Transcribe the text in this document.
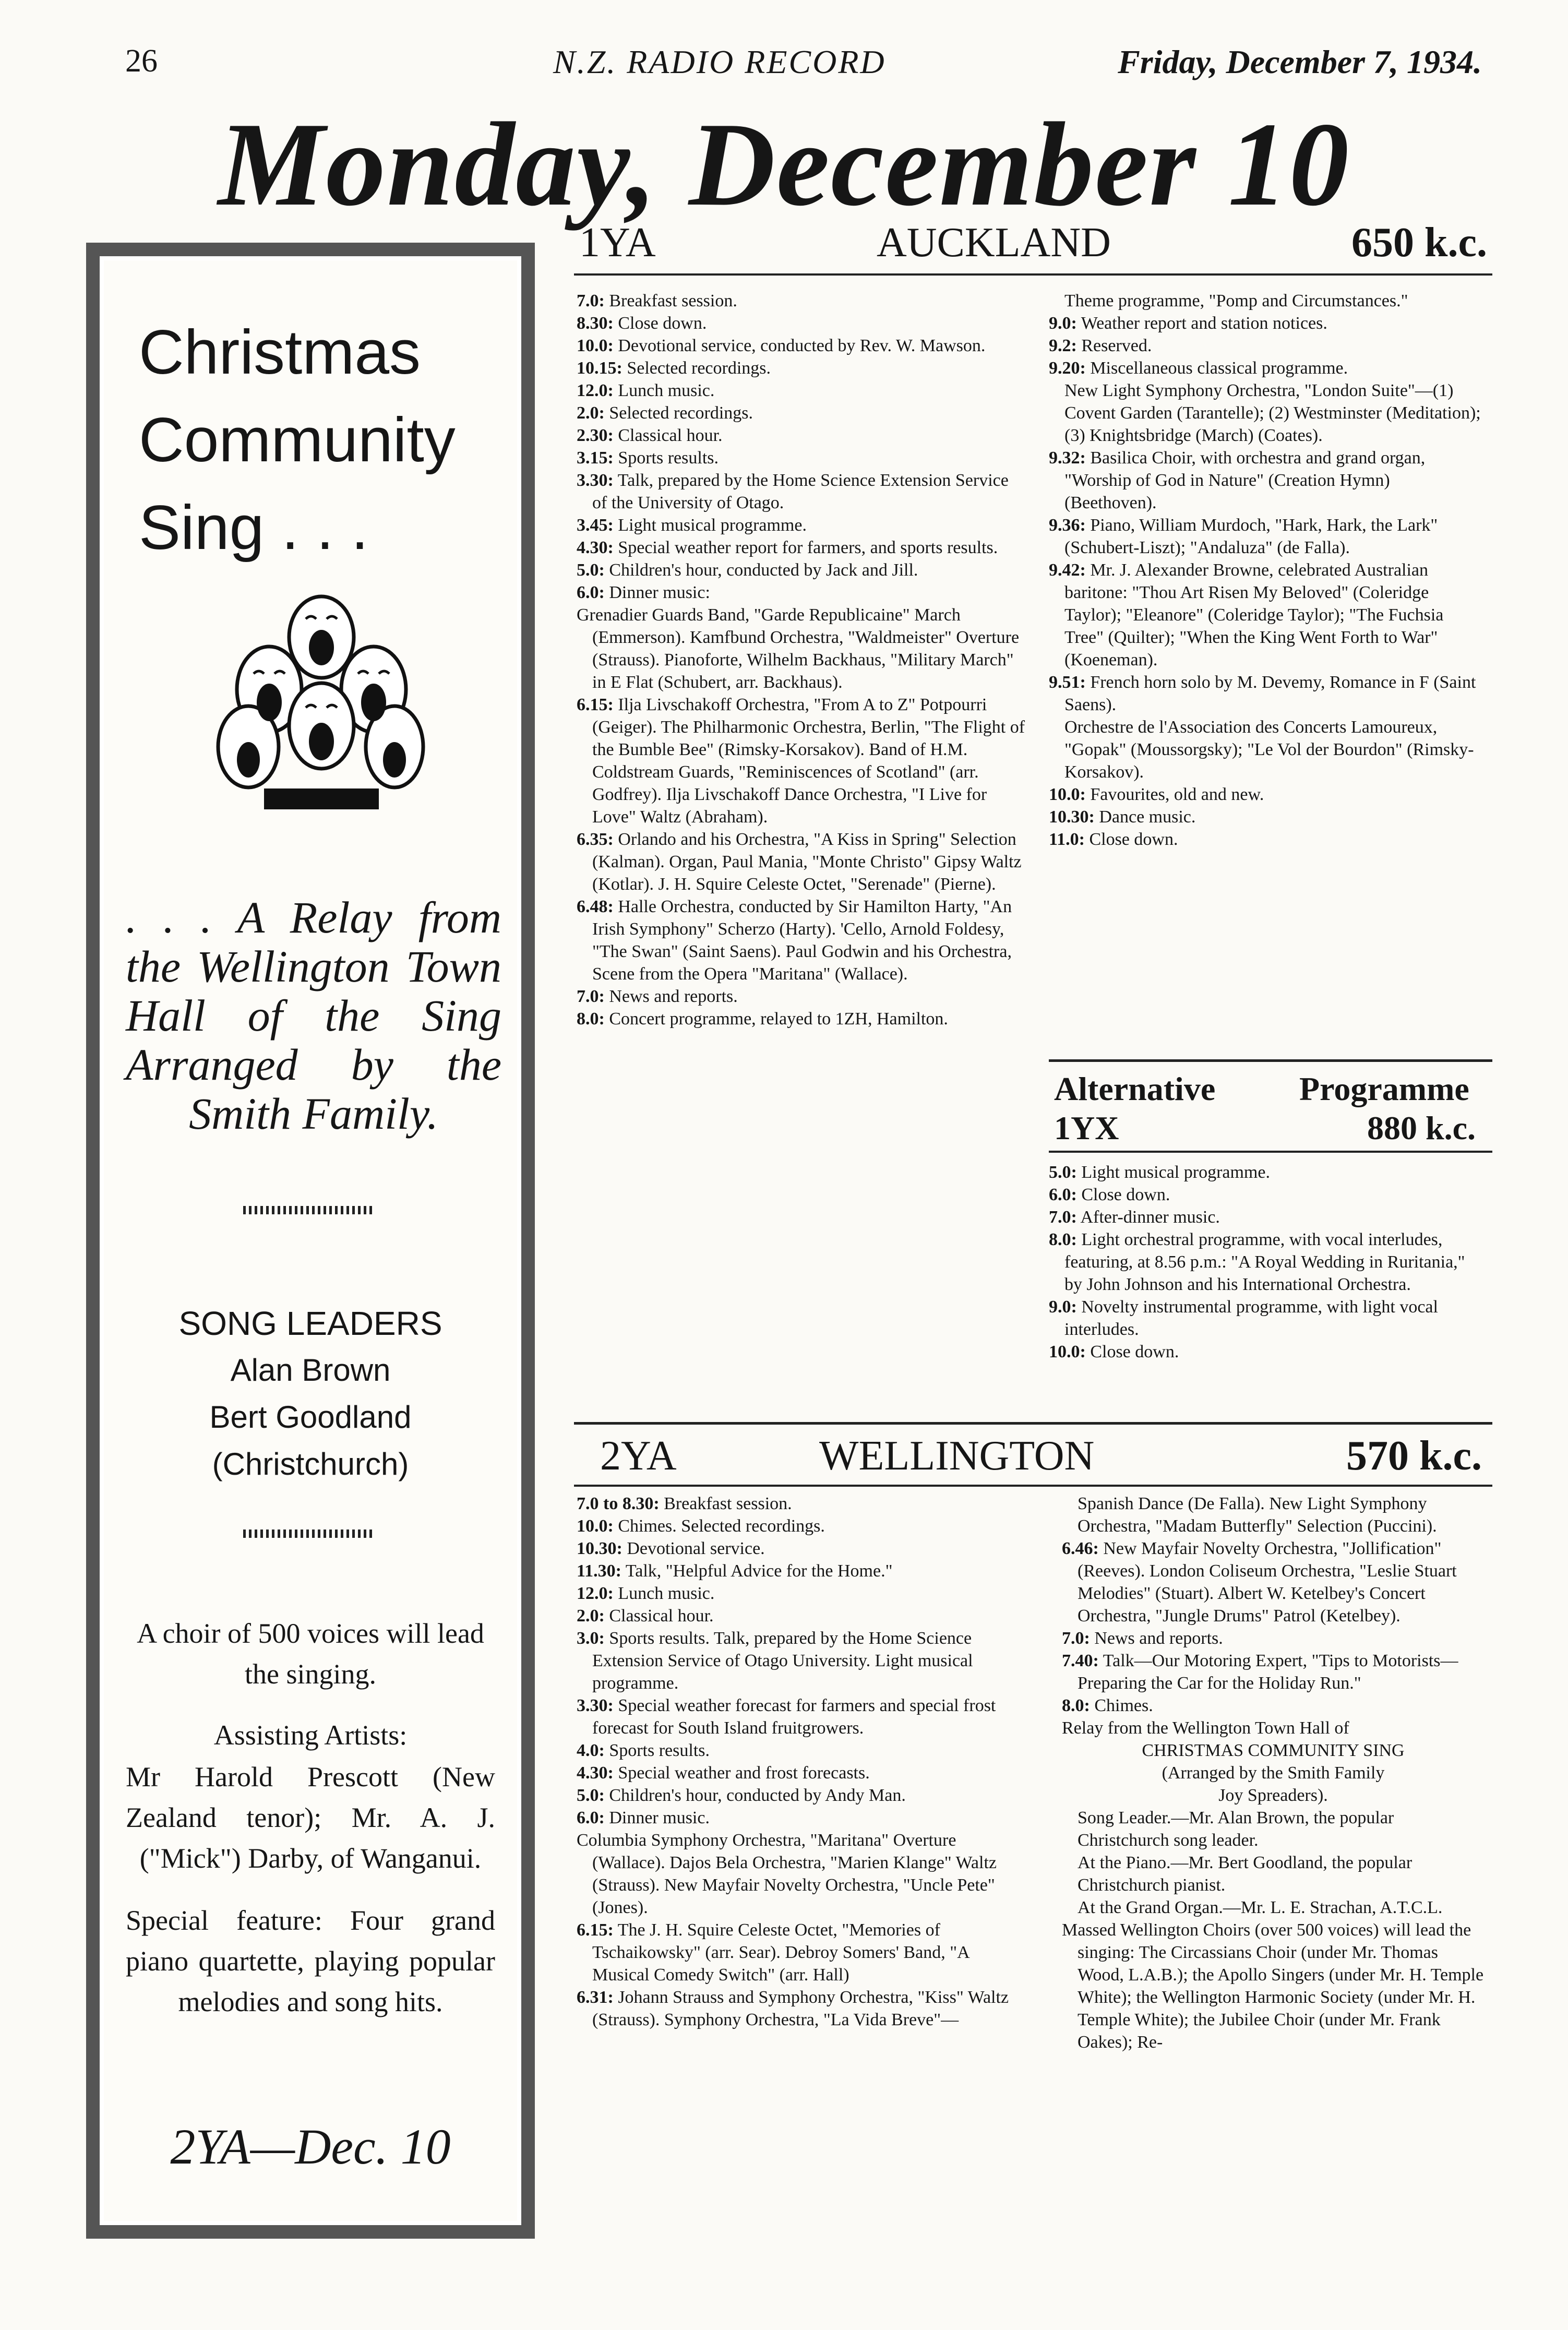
26	N.Z. RADIO RECORD	Friday, December 7, 1934.
Monday, December 10
Christmas
Community
Sing . . .
. . . A Relay from
the Wellington Town
Hall of the Sing
Arranged by the
Smith Family.
SONG LEADERS
Alan Brown
Bert Goodland
(Christchurch)
A choir of 500 voices will lead the singing.
Assisting Artists:
Mr Harold Prescott (New Zealand tenor); Mr. A. J. ("Mick") Darby, of Wanganui.
Special feature: Four grand piano quartette, playing popular melodies and song hits.
2YA—Dec. 10
1YA	AUCKLAND	650 k.c.

7.0: Breakfast session.

8.30: Close down.

10.0: Devotional service, conducted by Rev. W. Mawson.

10.15: Selected recordings.

12.0: Lunch music.

2.0: Selected recordings.

2.30: Classical hour.

3.15: Sports results.

3.30: Talk, prepared by the Home Science Extension Service of the University of Otago.

3.45: Light musical programme.

4.30: Special weather report for farmers, and sports results.

5.0: Children's hour, conducted by Jack and Jill.

6.0: Dinner music:

Grenadier Guards Band, "Garde Republicaine" March (Emmerson). Kamfbund Orchestra, "Waldmeister" Overture (Strauss). Pianoforte, Wilhelm Backhaus, "Military March" in E Flat (Schubert, arr. Backhaus).

6.15: Ilja Livschakoff Orchestra, "From A to Z" Potpourri (Geiger). The Philharmonic Orchestra, Berlin, "The Flight of the Bumble Bee" (Rimsky-Korsakov). Band of H.M. Coldstream Guards, "Reminiscences of Scotland" (arr. Godfrey). Ilja Livschakoff Dance Orchestra, "I Live for Love" Waltz (Abraham).

6.35: Orlando and his Orchestra, "A Kiss in Spring" Selection (Kalman). Organ, Paul Mania, "Monte Christo" Gipsy Waltz (Kotlar). J. H. Squire Celeste Octet, "Serenade" (Pierne).

6.48: Halle Orchestra, conducted by Sir Hamilton Harty, "An Irish Symphony" Scherzo (Harty). 'Cello, Arnold Foldesy, "The Swan" (Saint Saens). Paul Godwin and his Orchestra, Scene from the Opera "Maritana" (Wallace).

7.0: News and reports.

8.0: Concert programme, relayed to 1ZH, Hamilton.

Theme programme, "Pomp and Circumstances."

9.0: Weather report and station notices.

9.2: Reserved.

9.20: Miscellaneous classical programme.

New Light Symphony Orchestra, "London Suite"—(1) Covent Garden (Tarantelle); (2) Westminster (Meditation); (3) Knightsbridge (March) (Coates).

9.32: Basilica Choir, with orchestra and grand organ, "Worship of God in Nature" (Creation Hymn) (Beethoven).

9.36: Piano, William Murdoch, "Hark, Hark, the Lark" (Schubert-Liszt); "Andaluza" (de Falla).

9.42: Mr. J. Alexander Browne, celebrated Australian baritone: "Thou Art Risen My Beloved" (Coleridge Taylor); "Eleanore" (Coleridge Taylor); "The Fuchsia Tree" (Quilter); "When the King Went Forth to War" (Koeneman).

9.51: French horn solo by M. Devemy, Romance in F (Saint Saens).

Orchestre de l'Association des Concerts Lamoureux, "Gopak" (Moussorgsky); "Le Vol der Bourdon" (Rimsky-Korsakov).

10.0: Favourites, old and new.

10.30: Dance music.

11.0: Close down.

Alternative	Programme
1YX	880 k.c.

5.0: Light musical programme.

6.0: Close down.

7.0: After-dinner music.

8.0: Light orchestral programme, with vocal interludes, featuring, at 8.56 p.m.: "A Royal Wedding in Ruritania," by John Johnson and his International Orchestra.

9.0: Novelty instrumental programme, with light vocal interludes.

10.0: Close down.

2YA	WELLINGTON	570 k.c.

7.0 to 8.30: Breakfast session.

10.0: Chimes. Selected recordings.

10.30: Devotional service.

11.30: Talk, "Helpful Advice for the Home."

12.0: Lunch music.

2.0: Classical hour.

3.0: Sports results. Talk, prepared by the Home Science Extension Service of Otago University. Light musical programme.

3.30: Special weather forecast for farmers and special frost forecast for South Island fruitgrowers.

4.0: Sports results.

4.30: Special weather and frost forecasts.

5.0: Children's hour, conducted by Andy Man.

6.0: Dinner music.

Columbia Symphony Orchestra, "Maritana" Overture (Wallace). Dajos Bela Orchestra, "Marien Klange" Waltz (Strauss). New Mayfair Novelty Orchestra, "Uncle Pete" (Jones).

6.15: The J. H. Squire Celeste Octet, "Memories of Tschaikowsky" (arr. Sear). Debroy Somers' Band, "A Musical Comedy Switch" (arr. Hall)

6.31: Johann Strauss and Symphony Orchestra, "Kiss" Waltz (Strauss). Symphony Orchestra, "La Vida Breve"—

Spanish Dance (De Falla). New Light Symphony Orchestra, "Madam Butterfly" Selection (Puccini).

6.46: New Mayfair Novelty Orchestra, "Jollification" (Reeves). London Coliseum Orchestra, "Leslie Stuart Melodies" (Stuart). Albert W. Ketelbey's Concert Orchestra, "Jungle Drums" Patrol (Ketelbey).

7.0: News and reports.

7.40: Talk—Our Motoring Expert, "Tips to Motorists—Preparing the Car for the Holiday Run."

8.0: Chimes.

Relay from the Wellington Town Hall of

CHRISTMAS COMMUNITY SING

(Arranged by the Smith Family

Joy Spreaders).

Song Leader.—Mr. Alan Brown, the popular Christchurch song leader.

At the Piano.—Mr. Bert Goodland, the popular Christchurch pianist.

At the Grand Organ.—Mr. L. E. Strachan, A.T.C.L.

Massed Wellington Choirs (over 500 voices) will lead the singing: The Circassians Choir (under Mr. Thomas Wood, L.A.B.); the Apollo Singers (under Mr. H. Temple White); the Wellington Harmonic Society (under Mr. H. Temple White); the Jubilee Choir (under Mr. Frank Oakes); Re-
